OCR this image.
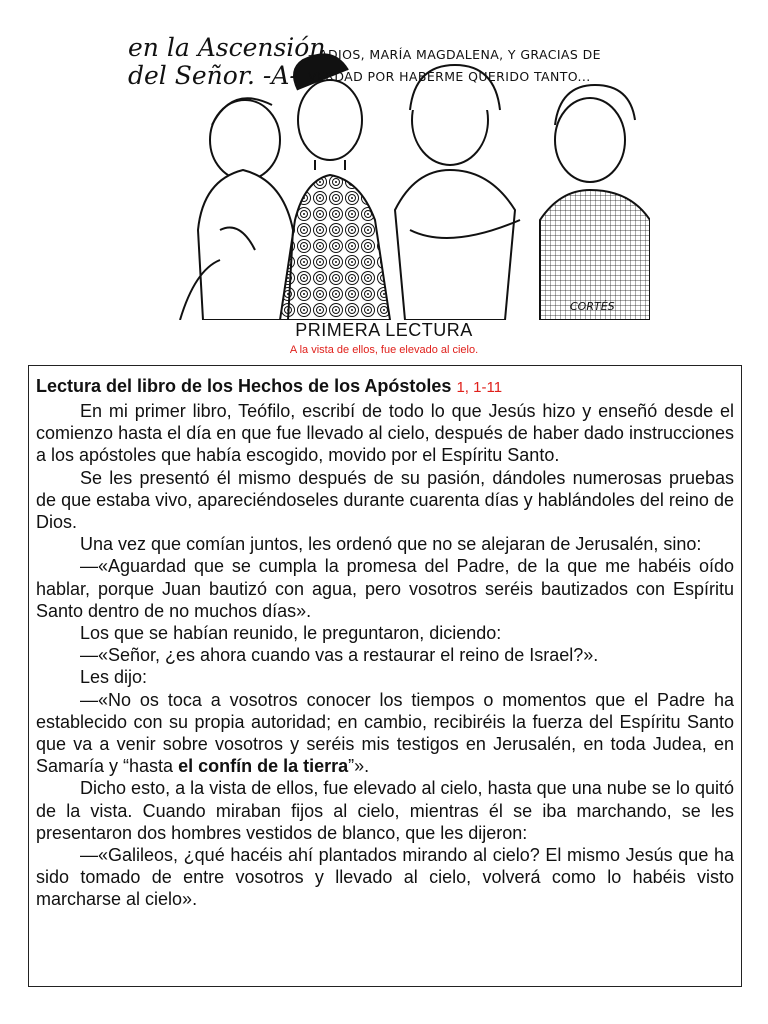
en la Ascensión
del Señor. -A-
– ADIOS, MARÍA MAGDALENA, Y GRACIAS DE
VERDAD POR HABERME QUERIDO TANTO...
CORTÉS
PRIMERA LECTURA
A la vista de ellos, fue elevado al cielo.
Lectura del libro de los Hechos de los Apóstoles 1, 1-11

En mi primer libro, Teófilo, escribí de todo lo que Jesús hizo y enseñó desde el comienzo hasta el día en que fue llevado al cielo, después de haber dado instrucciones a los apóstoles que había escogido, movido por el Espíritu Santo.

Se les presentó él mismo después de su pasión, dándoles numerosas pruebas de que estaba vivo, apareciéndoseles durante cuarenta días y hablándoles del reino de Dios.

Una vez que comían juntos, les ordenó que no se alejaran de Jerusalén, sino:

—«Aguardad que se cumpla la promesa del Padre, de la que me habéis oído hablar, porque Juan bautizó con agua, pero vosotros seréis bautizados con Espíritu Santo dentro de no muchos días».

Los que se habían reunido, le preguntaron, diciendo:

—«Señor, ¿es ahora cuando vas a restaurar el reino de Israel?».

Les dijo:

—«No os toca a vosotros conocer los tiempos o momentos que el Padre ha establecido con su propia autoridad; en cambio, recibiréis la fuerza del Espíritu Santo que va a venir sobre vosotros y seréis mis testigos en Jerusalén, en toda Judea, en Samaría y “hasta el confín de la tierra”».

Dicho esto, a la vista de ellos, fue elevado al cielo, hasta que una nube se lo quitó de la vista. Cuando miraban fijos al cielo, mientras él se iba marchando, se les presentaron dos hombres vestidos de blanco, que les dijeron:

—«Galileos, ¿qué hacéis ahí plantados mirando al cielo? El mismo Jesús que ha sido tomado de entre vosotros y llevado al cielo, volverá como lo habéis visto marcharse al cielo».
